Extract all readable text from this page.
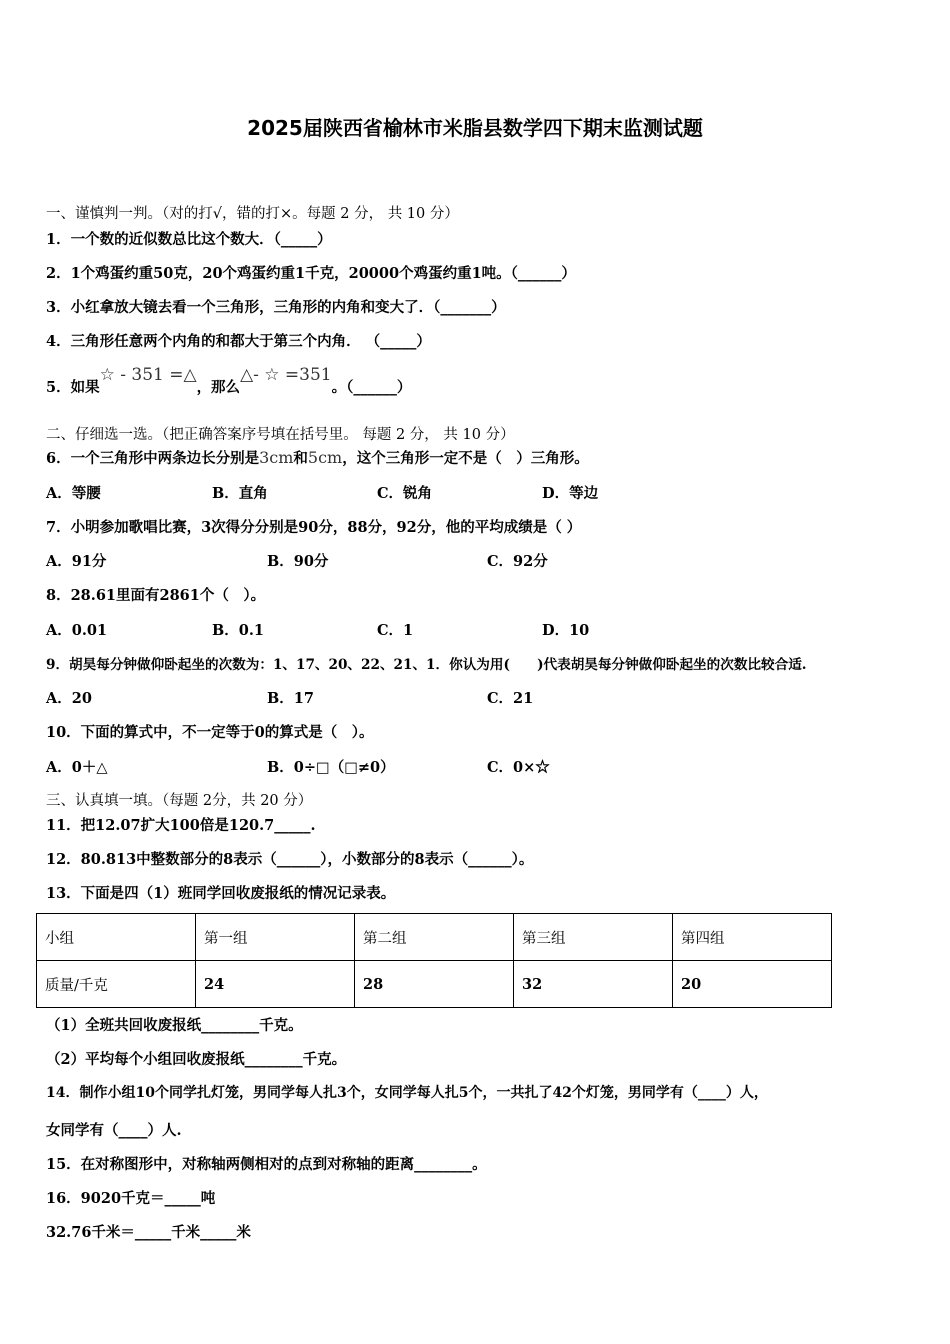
2025届陕西省榆林市米脂县数学四下期末监测试题
一、谨慎判一判。（对的打√，错的打×。每题 2 分， 共 10 分）
1．一个数的近似数总比这个数大．（_____）
2．1个鸡蛋约重50克，20个鸡蛋约重1千克，20000个鸡蛋约重1吨。（______）
3．小红拿放大镜去看一个三角形，三角形的内角和变大了．（_______）
4．三角形任意两个内角的和都大于第三个内角． （_____）
5．如果☆ - 351 =△，那么△- ☆ =351。（______）
二、仔细选一选。（把正确答案序号填在括号里。 每题 2 分， 共 10 分）
6．一个三角形中两条边长分别是3cm和5cm，这个三角形一定不是（　）三角形。
A．等腰	B．直角	C．锐角	D．等边
7．小明参加歌唱比赛，3次得分分别是90分，88分，92分，他的平均成绩是（ ）
A．91分	B．90分	C．92分
8．28.61里面有2861个（　）。
A．0.01	B．0.1	C．1	D．10
9．胡昊每分钟做仰卧起坐的次数为：1、17、20、22、21、1．你认为用(　　)代表胡昊每分钟做仰卧起坐的次数比较合适.
A．20	B．17	C．21
10．下面的算式中，不一定等于0的算式是（　）。
A．0＋△	B．0÷□（□≠0）	C．0×☆
三、认真填一填。（每题 2分，共 20 分）
11．把12.07扩大100倍是120.7_____.
12．80.813中整数部分的8表示（______），小数部分的8表示（______）。
13．下面是四（1）班同学回收废报纸的情况记录表。
小组	第一组	第二组	第三组	第四组
质量/千克	24	28	32	20
（1）全班共回收废报纸________千克。
（2）平均每个小组回收废报纸________千克。
14．制作小组10个同学扎灯笼，男同学每人扎3个，女同学每人扎5个，一共扎了42个灯笼，男同学有（____）人，
女同学有（____）人.
15．在对称图形中，对称轴两侧相对的点到对称轴的距离________。
16．9020千克＝_____吨
32.76千米＝_____千米_____米
